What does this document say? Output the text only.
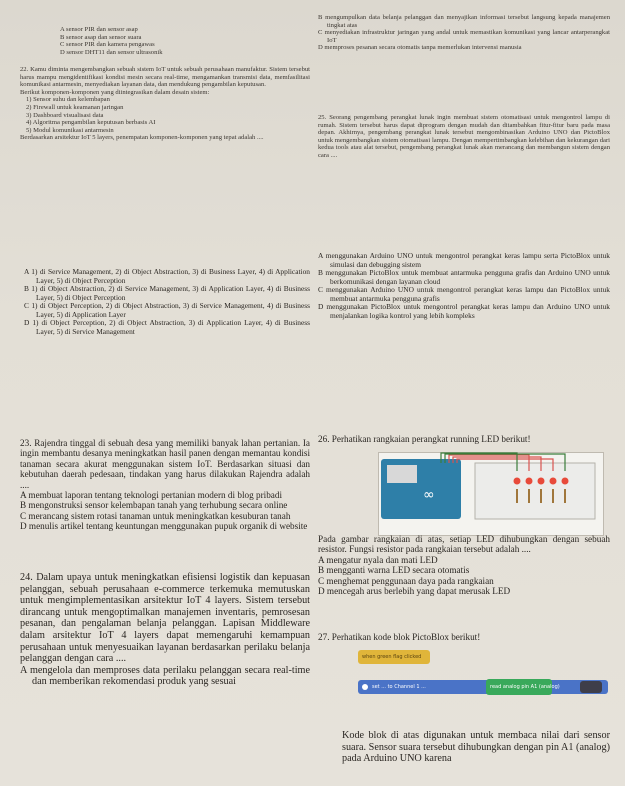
A sensor PIR dan sensor asap

B sensor asap dan sensor suara

C sensor PIR dan kamera pengawas

D sensor DHT11 dan sensor ultrasonik

22. Kamu diminta mengembangkan sebuah sistem IoT untuk sebuah perusahaan manufaktur. Sistem tersebut harus mampu mengidentifikasi kondisi mesin secara real-time, mengamankan transmisi data, memfasilitasi komunikasi antarmesin, menyediakan layanan data, dan mendukung pengambilan keputusan.

Berikut komponen-komponen yang diintegrasikan dalam desain sistem:

1) Sensor suhu dan kelembapan

2) Firewall untuk keamanan jaringan

3) Dashboard visualisasi data

4) Algoritma pengambilan keputusan berbasis AI

5) Modul komunikasi antarmesin

Berdasarkan arsitektur IoT 5 layers, penempatan komponen-komponen yang tepat adalah ....

A 1) di Service Management, 2) di Object Abstraction, 3) di Business Layer, 4) di Application Layer, 5) di Object Perception

B 1) di Object Abstraction, 2) di Service Management, 3) di Application Layer, 4) di Business Layer, 5) di Object Perception

C 1) di Object Perception, 2) di Object Abstraction, 3) di Service Management, 4) di Business Layer, 5) di Application Layer

D 1) di Object Perception, 2) di Object Abstraction, 3) di Application Layer, 4) di Business Layer, 5) di Service Management

23. Rajendra tinggal di sebuah desa yang memiliki banyak lahan pertanian. Ia ingin membantu desanya meningkatkan hasil panen dengan memantau kondisi tanaman secara akurat menggunakan sistem IoT. Berdasarkan situasi dan kebutuhan daerah pedesaan, tindakan yang harus dilakukan Rajendra adalah ....

A membuat laporan tentang teknologi pertanian modern di blog pribadi

B mengonstruksi sensor kelembapan tanah yang terhubung secara online

C merancang sistem rotasi tanaman untuk meningkatkan kesuburan tanah

D menulis artikel tentang keuntungan menggunakan pupuk organik di website

24. Dalam upaya untuk meningkatkan efisiensi logistik dan kepuasan pelanggan, sebuah perusahaan e-commerce terkemuka memutuskan untuk mengimplementasikan arsitektur IoT 4 layers. Sistem tersebut dirancang untuk mengoptimalkan manajemen inventaris, pemrosesan pesanan, dan pengalaman belanja pelanggan. Lapisan Middleware dalam arsitektur IoT 4 layers dapat memengaruhi kemampuan perusahaan untuk menyesuaikan layanan berdasarkan perilaku belanja pelanggan dengan cara ....

A mengelola dan memproses data perilaku pelanggan secara real-time dan memberikan rekomendasi produk yang sesuai

B mengumpulkan data belanja pelanggan dan menyajikan informasi tersebut langsung kepada manajemen tingkat atas

C menyediakan infrastruktur jaringan yang andal untuk memastikan komunikasi yang lancar antarperangkat IoT

D memproses pesanan secara otomatis tanpa memerlukan intervensi manusia

25. Seorang pengembang perangkat lunak ingin membuat sistem otomatisasi untuk mengontrol lampu di rumah. Sistem tersebut harus dapat diprogram dengan mudah dan ditambahkan fitur-fitur baru pada masa depan. Akhirnya, pengembang perangkat lunak tersebut mengombinasikan Arduino UNO dan PictoBlox untuk mengembangkan sistem otomatisasi lampu. Dengan mempertimbangkan kelebihan dan kekurangan dari kedua tools atau alat tersebut, pengembang perangkat lunak akan merancang dan membangun sistem dengan cara ....

A menggunakan Arduino UNO untuk mengontrol perangkat keras lampu serta PictoBlox untuk simulasi dan debugging sistem

B menggunakan PictoBlox untuk membuat antarmuka pengguna grafis dan Arduino UNO untuk berkomunikasi dengan layanan cloud

C menggunakan Arduino UNO untuk mengontrol perangkat keras lampu dan PictoBlox untuk membuat antarmuka pengguna grafis

D menggunakan PictoBlox untuk mengontrol perangkat keras lampu dan Arduino UNO untuk menjalankan logika kontrol yang lebih kompleks

26. Perhatikan rangkaian perangkat running LED berikut!

∞

Pada gambar rangkaian di atas, setiap LED dihubungkan dengan sebuah resistor. Fungsi resistor pada rangkaian tersebut adalah ....

A mengatur nyala dan mati LED

B mengganti warna LED secara otomatis

C menghemat penggunaan daya pada rangkaian

D mencegah arus berlebih yang dapat merusak LED

27. Perhatikan kode blok PictoBlox berikut!

when green flag clicked
set ... to Channel 1 ...	read analog pin A1 (analog)

Kode blok di atas digunakan untuk membaca nilai dari sensor suara. Sensor suara tersebut dihubungkan dengan pin A1 (analog) pada Arduino UNO karena
